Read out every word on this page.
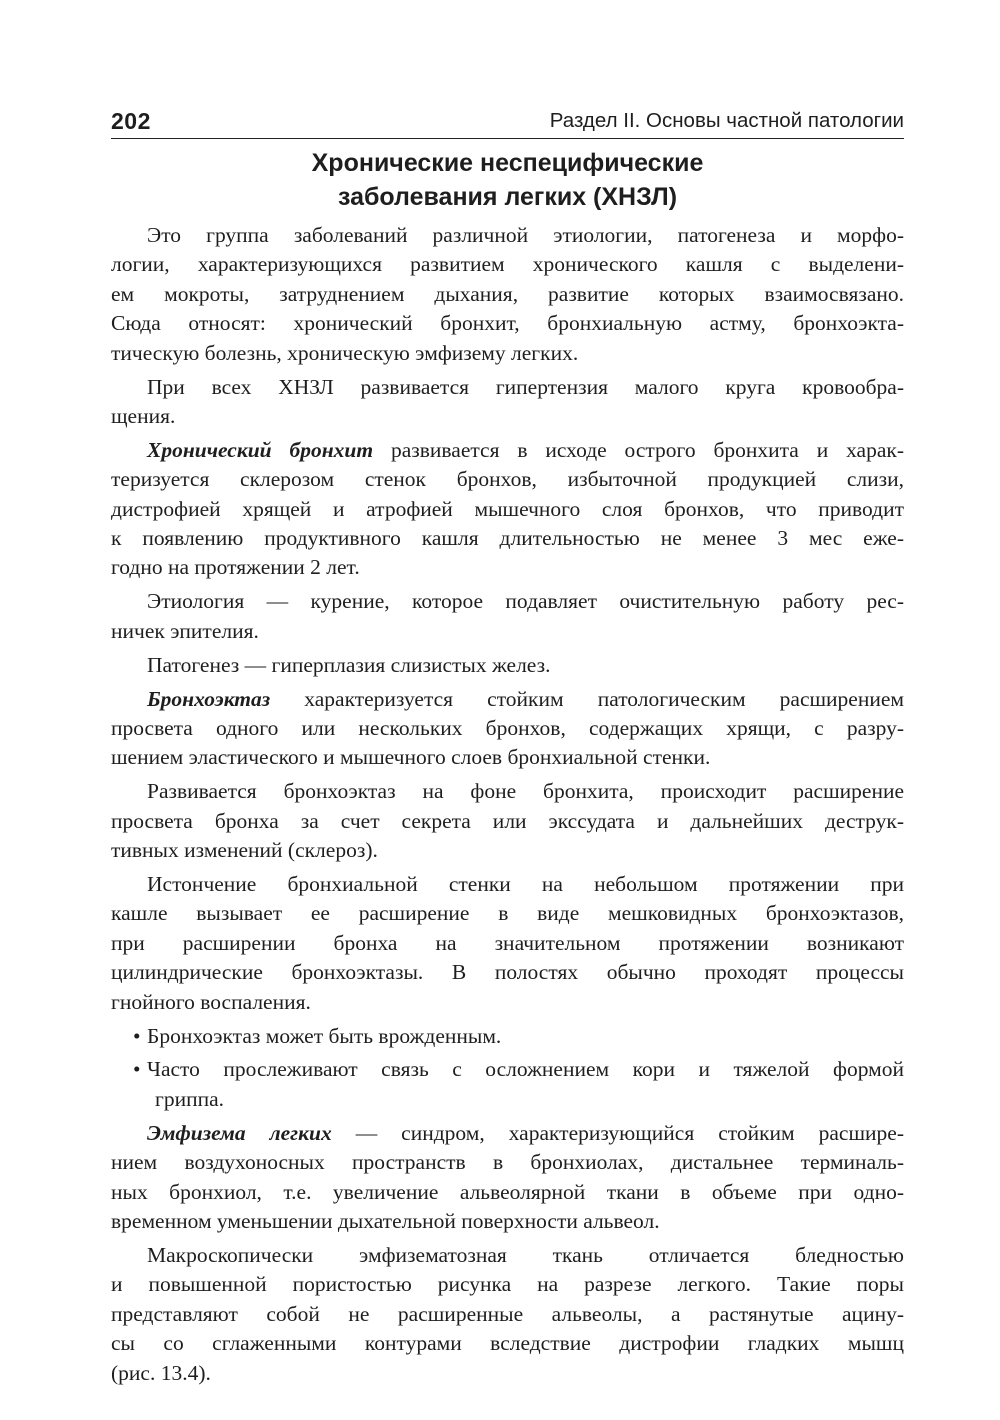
202	Раздел II. Основы частной патологии
Хронические неспецифические
заболевания легких (ХНЗЛ)
Это группа заболеваний различной этиологии, патогенеза и морфо-
логии, характеризующихся развитием хронического кашля с выделени-
ем мокроты, затруднением дыхания, развитие которых взаимосвязано.
Сюда относят: хронический бронхит, бронхиальную астму, бронхоэкта-
тическую болезнь, хроническую эмфизему легких.
При всех ХНЗЛ развивается гипертензия малого круга кровообра-
щения.
Хронический бронхит развивается в исходе острого бронхита и харак-
теризуется склерозом стенок бронхов, избыточной продукцией слизи,
дистрофией хрящей и атрофией мышечного слоя бронхов, что приводит
к появлению продуктивного кашля длительностью не менее 3 мес еже-
годно на протяжении 2 лет.
Этиология — курение, которое подавляет очистительную работу рес-
ничек эпителия.
Патогенез — гиперплазия слизистых желез.
Бронхоэктаз характеризуется стойким патологическим расширением
просвета одного или нескольких бронхов, содержащих хрящи, с разру-
шением эластического и мышечного слоев бронхиальной стенки.
Развивается бронхоэктаз на фоне бронхита, происходит расширение
просвета бронха за счет секрета или экссудата и дальнейших деструк-
тивных изменений (склероз).
Истончение бронхиальной стенки на небольшом протяжении при
кашле вызывает ее расширение в виде мешковидных бронхоэктазов,
при расширении бронха на значительном протяжении возникают
цилиндрические бронхоэктазы. В полостях обычно проходят процессы
гнойного воспаления.
• Бронхоэктаз может быть врожденным.
• Часто прослеживают связь с осложнением кори и тяжелой формой
гриппа.
Эмфизема легких — синдром, характеризующийся стойким расшире-
нием воздухоносных пространств в бронхиолах, дистальнее терминаль-
ных бронхиол, т.е. увеличение альвеолярной ткани в объеме при одно-
временном уменьшении дыхательной поверхности альвеол.
Макроскопически эмфизематозная ткань отличается бледностью
и повышенной пористостью рисунка на разрезе легкого. Такие поры
представляют собой не расширенные альвеолы, а растянутые ацину-
сы со сглаженными контурами вследствие дистрофии гладких мышц
(рис. 13.4).
